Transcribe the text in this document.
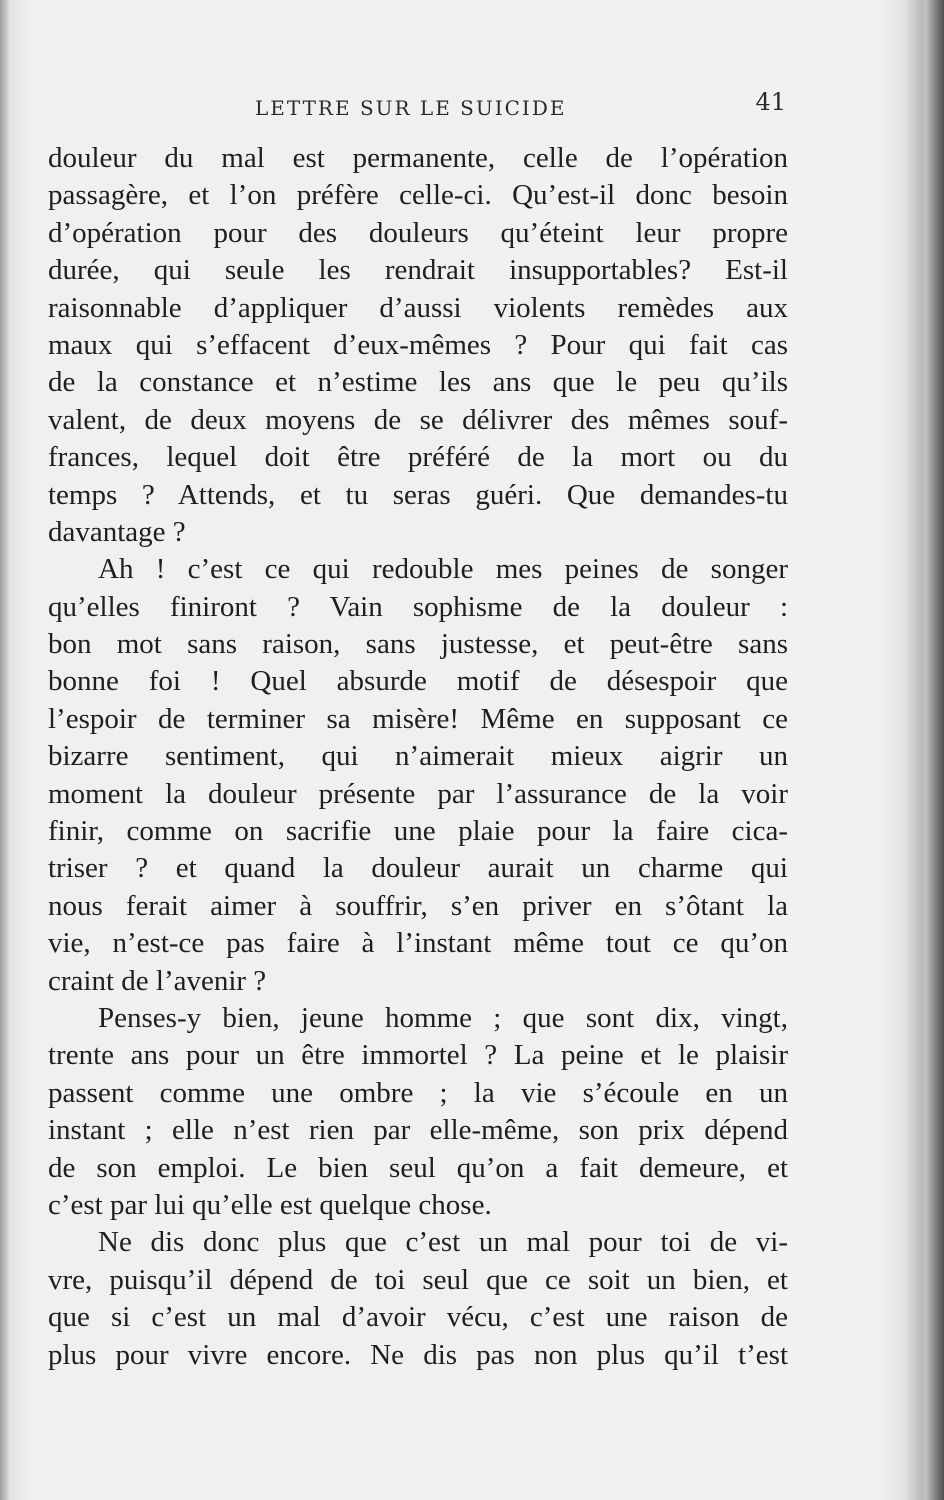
LETTRE SUR LE SUICIDE	41
douleur du mal est permanente, celle de l’opération
passagère, et l’on préfère celle-ci. Qu’est-il donc besoin
d’opération pour des douleurs qu’éteint leur propre
durée, qui seule les rendrait insupportables? Est-il
raisonnable d’appliquer d’aussi violents remèdes aux
maux qui s’effacent d’eux-mêmes ? Pour qui fait cas
de la constance et n’estime les ans que le peu qu’ils
valent, de deux moyens de se délivrer des mêmes souf-
frances, lequel doit être préféré de la mort ou du
temps ? Attends, et tu seras guéri. Que demandes-tu
davantage ?
Ah ! c’est ce qui redouble mes peines de songer
qu’elles finiront ? Vain sophisme de la douleur :
bon mot sans raison, sans justesse, et peut-être sans
bonne foi ! Quel absurde motif de désespoir que
l’espoir de terminer sa misère! Même en supposant ce
bizarre sentiment, qui n’aimerait mieux aigrir un
moment la douleur présente par l’assurance de la voir
finir, comme on sacrifie une plaie pour la faire cica-
triser ? et quand la douleur aurait un charme qui
nous ferait aimer à souffrir, s’en priver en s’ôtant la
vie, n’est-ce pas faire à l’instant même tout ce qu’on
craint de l’avenir ?
Penses-y bien, jeune homme ; que sont dix, vingt,
trente ans pour un être immortel ? La peine et le plaisir
passent comme une ombre ; la vie s’écoule en un
instant ; elle n’est rien par elle-même, son prix dépend
de son emploi. Le bien seul qu’on a fait demeure, et
c’est par lui qu’elle est quelque chose.
Ne dis donc plus que c’est un mal pour toi de vi-
vre, puisqu’il dépend de toi seul que ce soit un bien, et
que si c’est un mal d’avoir vécu, c’est une raison de
plus pour vivre encore. Ne dis pas non plus qu’il t’est
